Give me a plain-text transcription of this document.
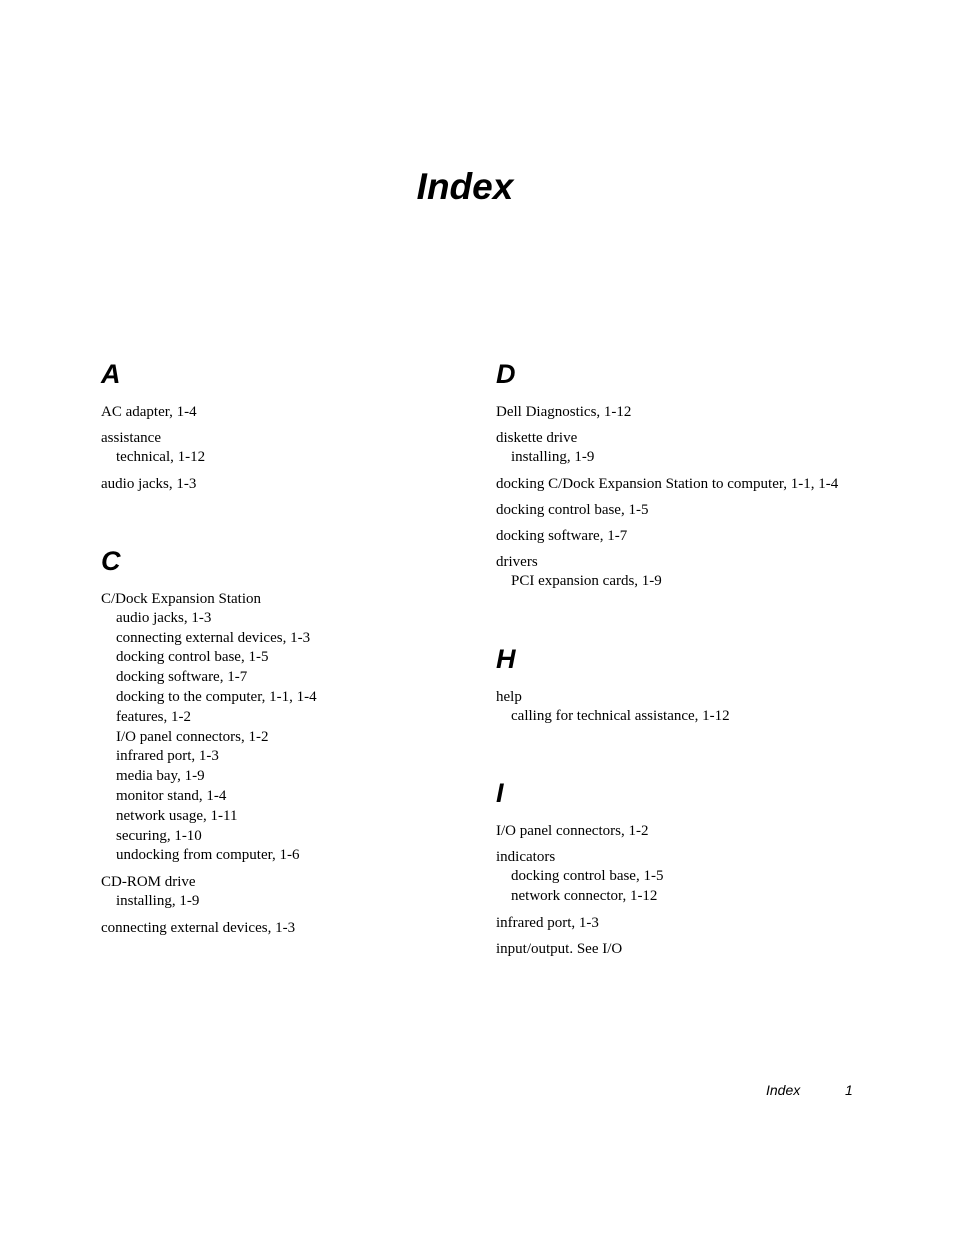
Index
A
AC adapter, 1-4
assistance
technical, 1-12
audio jacks, 1-3
C
C/Dock Expansion Station
audio jacks, 1-3
connecting external devices, 1-3
docking control base, 1-5
docking software, 1-7
docking to the computer, 1-1, 1-4
features, 1-2
I/O panel connectors, 1-2
infrared port, 1-3
media bay, 1-9
monitor stand, 1-4
network usage, 1-11
securing, 1-10
undocking from computer, 1-6
CD-ROM drive
installing, 1-9
connecting external devices, 1-3
D
Dell Diagnostics, 1-12
diskette drive
installing, 1-9
docking C/Dock Expansion Station to computer, 1-1, 1-4
docking control base, 1-5
docking software, 1-7
drivers
PCI expansion cards, 1-9
H
help
calling for technical assistance, 1-12
I
I/O panel connectors, 1-2
indicators
docking control base, 1-5
network connector, 1-12
infrared port, 1-3
input/output. See I/O
Index	1
